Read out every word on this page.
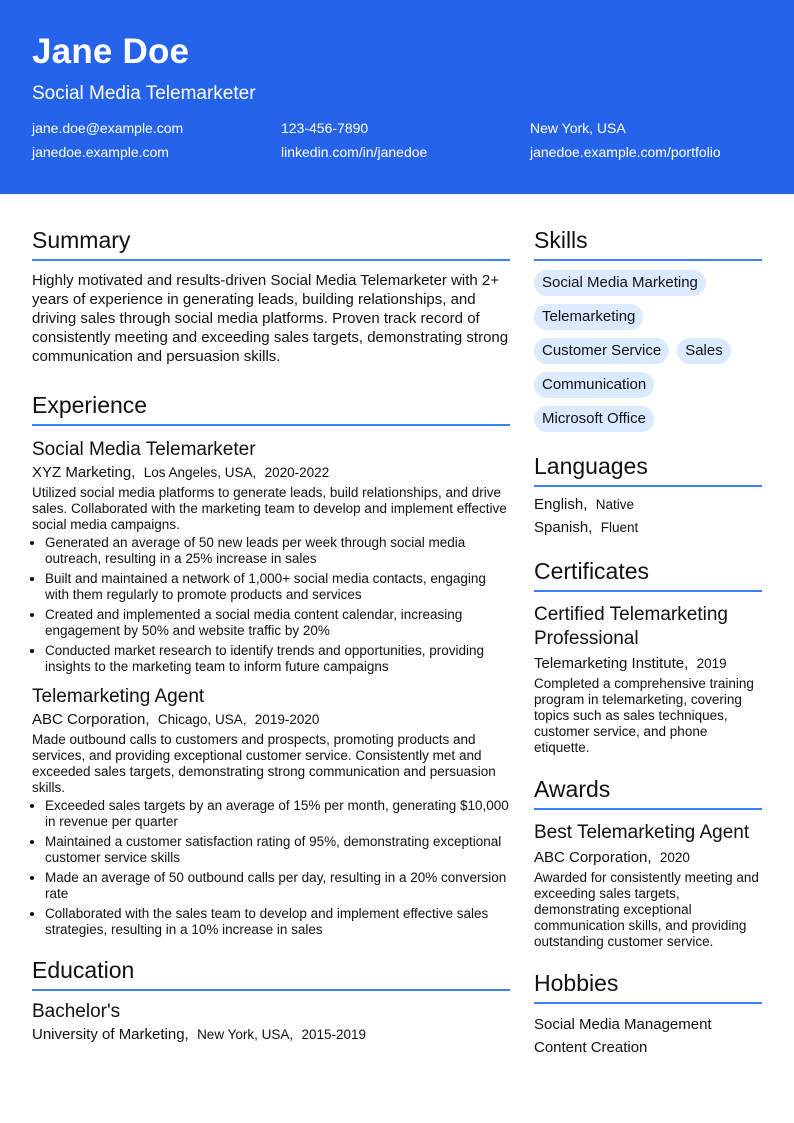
Jane Doe
Social Media Telemarketer
jane.doe@example.com	123-456-7890	New York, USA
janedoe.example.com	linkedin.com/in/janedoe	janedoe.example.com/portfolio
Summary
Highly motivated and results-driven Social Media Telemarketer with 2+ years of experience in generating leads, building relationships, and driving sales through social media platforms. Proven track record of consistently meeting and exceeding sales targets, demonstrating strong communication and persuasion skills.
Experience
Social Media Telemarketer
XYZ Marketing, Los Angeles, USA, 2020-2022
Utilized social media platforms to generate leads, build relationships, and drive sales. Collaborated with the marketing team to develop and implement effective social media campaigns.
• Generated an average of 50 new leads per week through social media outreach, resulting in a 25% increase in sales
• Built and maintained a network of 1,000+ social media contacts, engaging with them regularly to promote products and services
• Created and implemented a social media content calendar, increasing engagement by 50% and website traffic by 20%
• Conducted market research to identify trends and opportunities, providing insights to the marketing team to inform future campaigns
Telemarketing Agent
ABC Corporation, Chicago, USA, 2019-2020
Made outbound calls to customers and prospects, promoting products and services, and providing exceptional customer service. Consistently met and exceeded sales targets, demonstrating strong communication and persuasion skills.
• Exceeded sales targets by an average of 15% per month, generating $10,000 in revenue per quarter
• Maintained a customer satisfaction rating of 95%, demonstrating exceptional customer service skills
• Made an average of 50 outbound calls per day, resulting in a 20% conversion rate
• Collaborated with the sales team to develop and implement effective sales strategies, resulting in a 10% increase in sales
Education
Bachelor's
University of Marketing, New York, USA, 2015-2019
Skills
Social Media Marketing
Telemarketing
Customer Service	Sales
Communication
Microsoft Office
Languages
English, Native
Spanish, Fluent
Certificates
Certified Telemarketing Professional
Telemarketing Institute, 2019
Completed a comprehensive training program in telemarketing, covering topics such as sales techniques, customer service, and phone etiquette.
Awards
Best Telemarketing Agent
ABC Corporation, 2020
Awarded for consistently meeting and exceeding sales targets, demonstrating exceptional communication skills, and providing outstanding customer service.
Hobbies
Social Media Management
Content Creation
